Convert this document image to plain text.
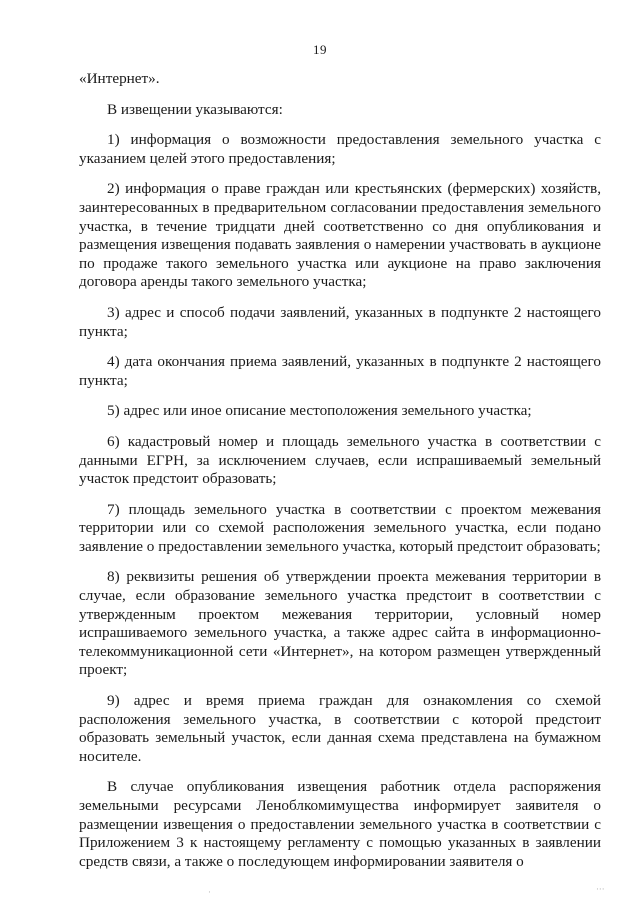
19

«Интернет».

В извещении указываются:

1) информация о возможности предоставления земельного участка с указанием целей этого предоставления;

2) информация о праве граждан или крестьянских (фермерских) хозяйств, заинтересованных в предварительном согласовании предоставления земельного участка, в течение тридцати дней соответственно со дня опубликования и размещения извещения подавать заявления о намерении участвовать в аукционе по продаже такого земельного участка или аукционе на право заключения договора аренды такого земельного участка;

3) адрес и способ подачи заявлений, указанных в подпункте 2 настоящего пункта;

4) дата окончания приема заявлений, указанных в подпункте 2 настоящего пункта;

5) адрес или иное описание местоположения земельного участка;

6) кадастровый номер и площадь земельного участка в соответствии с данными ЕГРН, за исключением случаев, если испрашиваемый земельный участок предстоит образовать;

7) площадь земельного участка в соответствии с проектом межевания территории или со схемой расположения земельного участка, если подано заявление о предоставлении земельного участка, который предстоит образовать;

8) реквизиты решения об утверждении проекта межевания территории в случае, если образование земельного участка предстоит в соответствии с утвержденным проектом межевания территории, условный номер испрашиваемого земельного участка, а также адрес сайта в информационно-телекоммуникационной сети «Интернет», на котором размещен утвержденный проект;

9) адрес и время приема граждан для ознакомления со схемой расположения земельного участка, в соответствии с которой предстоит образовать земельный участок, если данная схема представлена на бумажном носителе.

В случае опубликования извещения работник отдела распоряжения земельными ресурсами Леноблкомимущества информирует заявителя о размещении извещения о предоставлении земельного участка в соответствии с Приложением 3 к настоящему регламенту с помощью указанных в заявлении средств связи, а также о последующем информировании заявителя о

·	···
